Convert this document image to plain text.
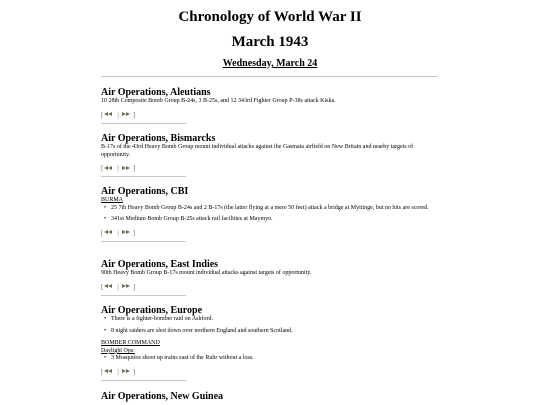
Chronology of World War II
March 1943
Wednesday, March 24
Air Operations, Aleutians

10 28th Composite Bomb Group B-24s, 3 B-25s, and 12 343rd Fighter Group P-38s attack Kiska.

[ | ]
Air Operations, Bismarcks

B-17s of the 43rd Heavy Bomb Group mount individual attacks against the Gasmata airfield on New Britain and nearby targets of opportunity.

[ | ]
Air Operations, CBI
BURMA
• 25 7th Heavy Bomb Group B-24s and 2 B-17s (the latter flying at a mere 50 feet) attack a bridge at Myitinge, but no hits are scored.
• 341st Medium Bomb Group B-25s attack rail facilities at Maymyo.
[ | ]
Air Operations, East Indies

90th Heavy Bomb Group B-17s mount individual attacks against targets of opportunity.

[ | ]
Air Operations, Europe
• There is a fighter-bomber raid on Ashford.
• 8 night raiders are shot down over northern England and southern Scotland.
BOMBER COMMAND
Daylight Ops:
• 3 Mosquitos shoot up trains east of the Ruhr without a loss.
[ | ]
Air Operations, New Guinea
